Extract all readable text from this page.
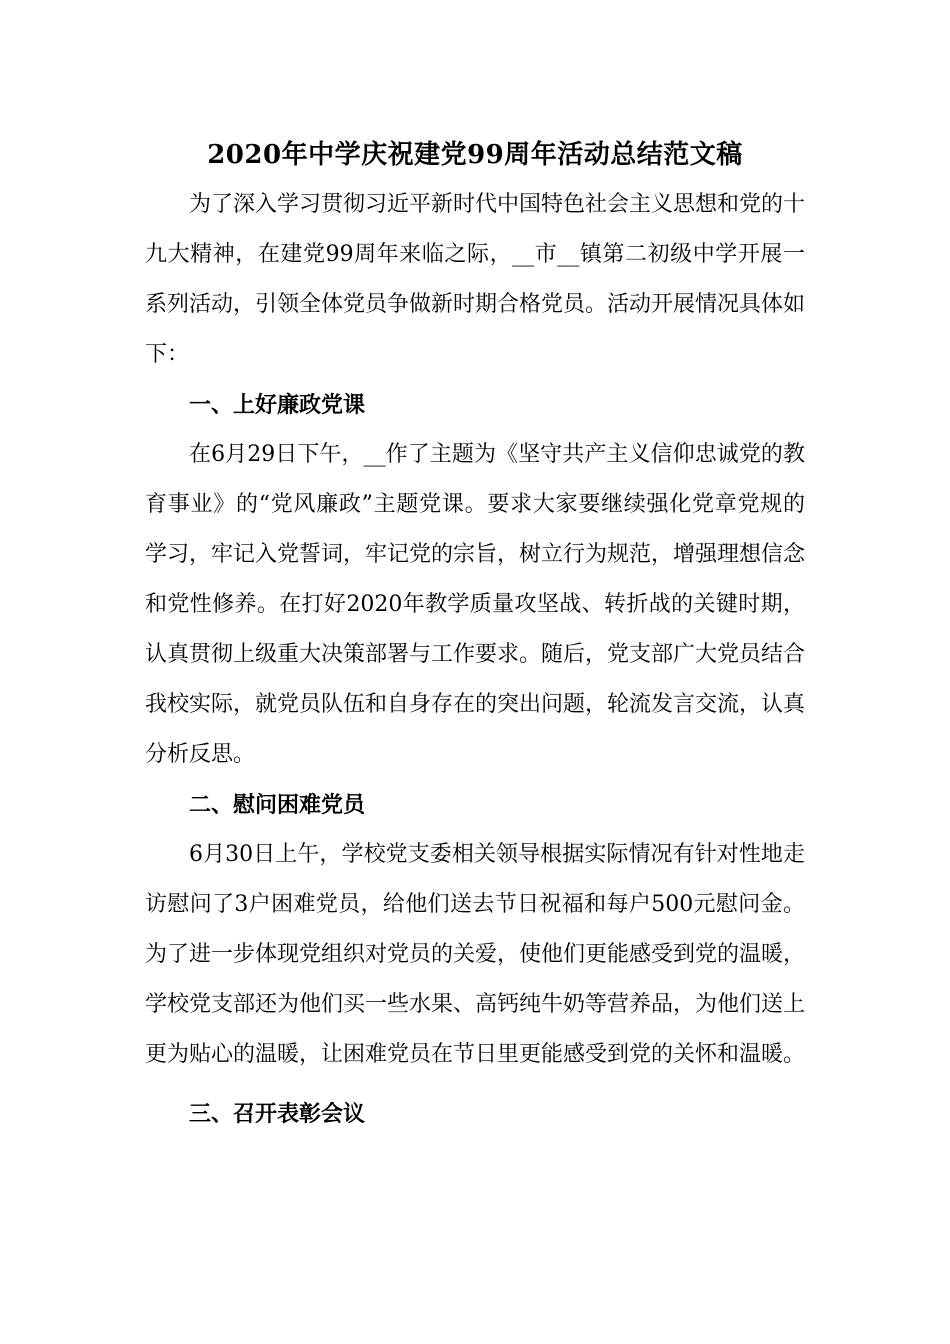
2020年中学庆祝建党99周年活动总结范文稿

为了深入学习贯彻习近平新时代中国特色社会主义思想和党的十九大精神，在建党99周年来临之际，__市__镇第二初级中学开展一系列活动，引领全体党员争做新时期合格党员。活动开展情况具体如下：

一、上好廉政党课

在6月29日下午，__作了主题为《坚守共产主义信仰忠诚党的教育事业》的“党风廉政”主题党课。要求大家要继续强化党章党规的学习，牢记入党誓词，牢记党的宗旨，树立行为规范，增强理想信念和党性修养。在打好2020年教学质量攻坚战、转折战的关键时期，认真贯彻上级重大决策部署与工作要求。随后，党支部广大党员结合我校实际，就党员队伍和自身存在的突出问题，轮流发言交流，认真分析反思。

二、慰问困难党员

6月30日上午，学校党支委相关领导根据实际情况有针对性地走访慰问了3户困难党员，给他们送去节日祝福和每户500元慰问金。为了进一步体现党组织对党员的关爱，使他们更能感受到党的温暖，学校党支部还为他们买一些水果、高钙纯牛奶等营养品，为他们送上更为贴心的温暖，让困难党员在节日里更能感受到党的关怀和温暖。

三、召开表彰会议
